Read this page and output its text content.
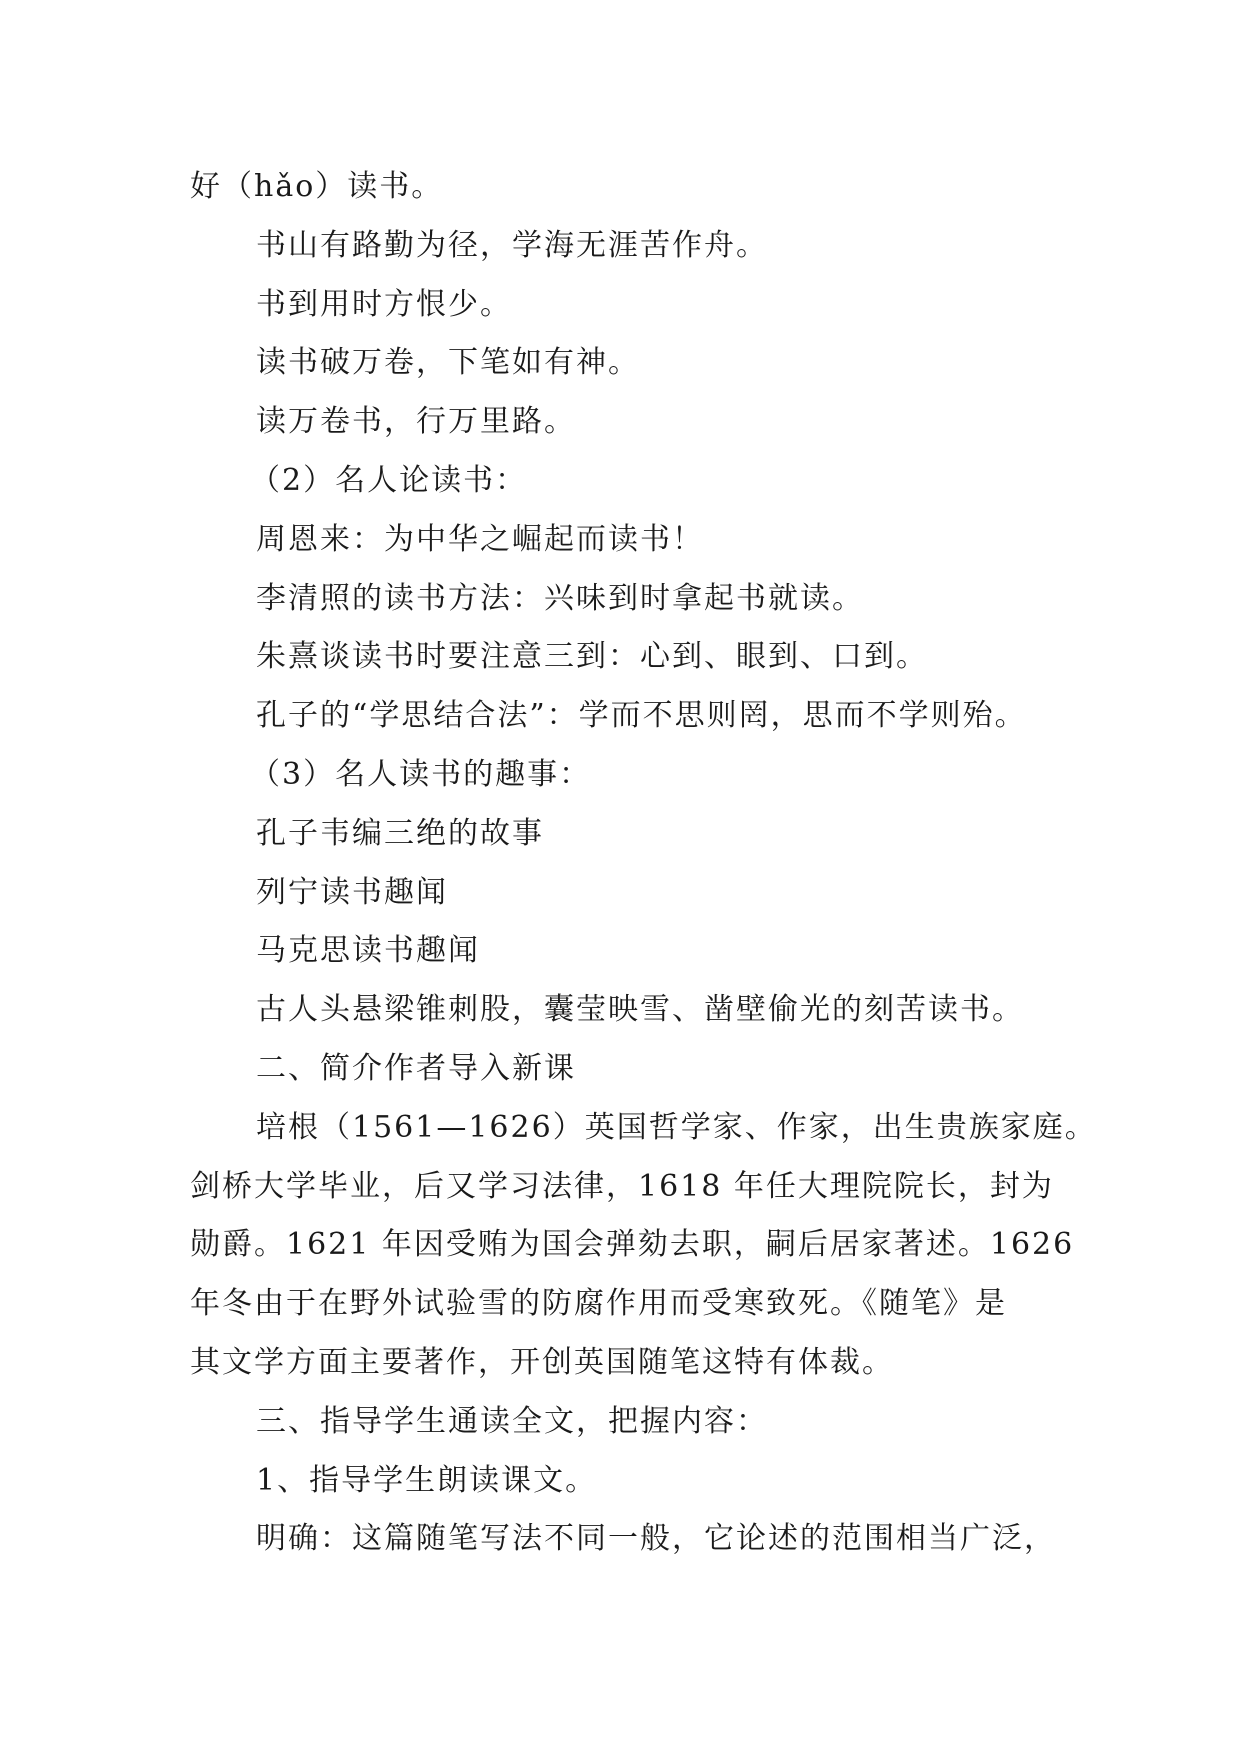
好（hǎo）读书。
书山有路勤为径，学海无涯苦作舟。
书到用时方恨少。
读书破万卷，下笔如有神。
读万卷书，行万里路。
（2）名人论读书：
周恩来：为中华之崛起而读书！
李清照的读书方法：兴味到时拿起书就读。
朱熹谈读书时要注意三到：心到、眼到、口到。
孔子的“学思结合法”：学而不思则罔，思而不学则殆。
（3）名人读书的趣事：
孔子韦编三绝的故事
列宁读书趣闻
马克思读书趣闻
古人头悬梁锥刺股，囊莹映雪、凿壁偷光的刻苦读书。
二、简介作者导入新课
培根（1561—1626）英国哲学家、作家，出生贵族家庭。
剑桥大学毕业，后又学习法律，1618 年任大理院院长，封为
勋爵。1621 年因受贿为国会弹劾去职，嗣后居家著述。1626
年冬由于在野外试验雪的防腐作用而受寒致死。《随笔》是
其文学方面主要著作，开创英国随笔这特有体裁。
三、指导学生通读全文，把握内容：
1、指导学生朗读课文。
明确：这篇随笔写法不同一般，它论述的范围相当广泛，
